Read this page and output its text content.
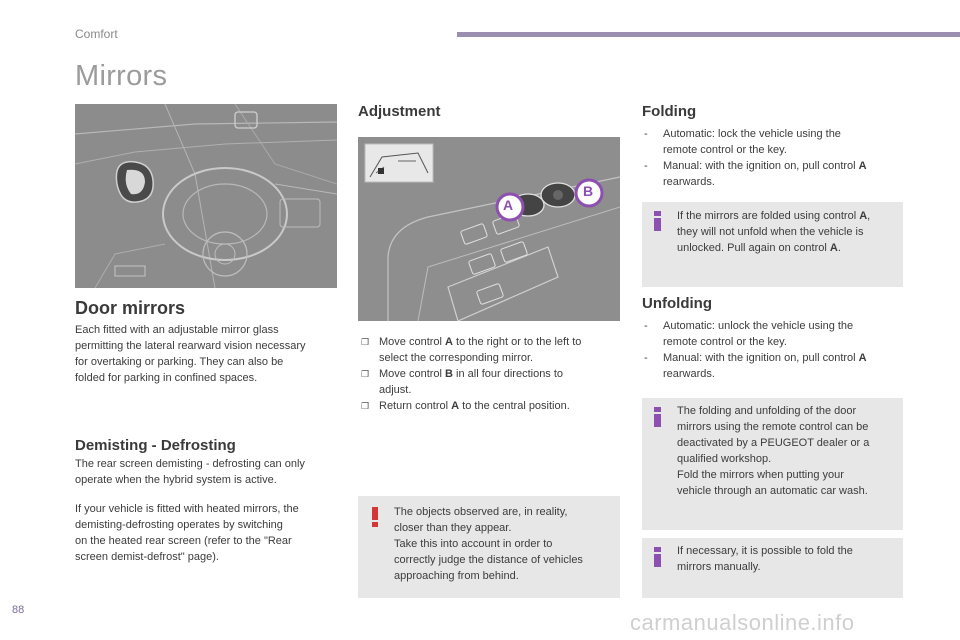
Comfort
Mirrors
Door mirrors
Each fitted with an adjustable mirror glass
permitting the lateral rearward vision necessary
for overtaking or parking. They can also be
folded for parking in confined spaces.
Demisting - Defrosting
The rear screen demisting - defrosting can only
operate when the hybrid system is active.
If your vehicle is fitted with heated mirrors, the
demisting-defrosting operates by switching
on the heated rear screen (refer to the "Rear
screen demist-defrost" page).
Adjustment
A
B
❐ Move control A to the right or to the left to
select the corresponding mirror.
❐ Move control B in all four directions to
adjust.
❐ Return control A to the central position.
The objects observed are, in reality,
closer than they appear.
Take this into account in order to
correctly judge the distance of vehicles
approaching from behind.
Folding
- Automatic: lock the vehicle using the
remote control or the key.
- Manual: with the ignition on, pull control A
rearwards.
If the mirrors are folded using control A,
they will not unfold when the vehicle is
unlocked. Pull again on control A.
Unfolding
- Automatic: unlock the vehicle using the
remote control or the key.
- Manual: with the ignition on, pull control A
rearwards.
The folding and unfolding of the door
mirrors using the remote control can be
deactivated by a PEUGEOT dealer or a
qualified workshop.
Fold the mirrors when putting your
vehicle through an automatic car wash.
If necessary, it is possible to fold the
mirrors manually.
88	carmanualsonline.info
